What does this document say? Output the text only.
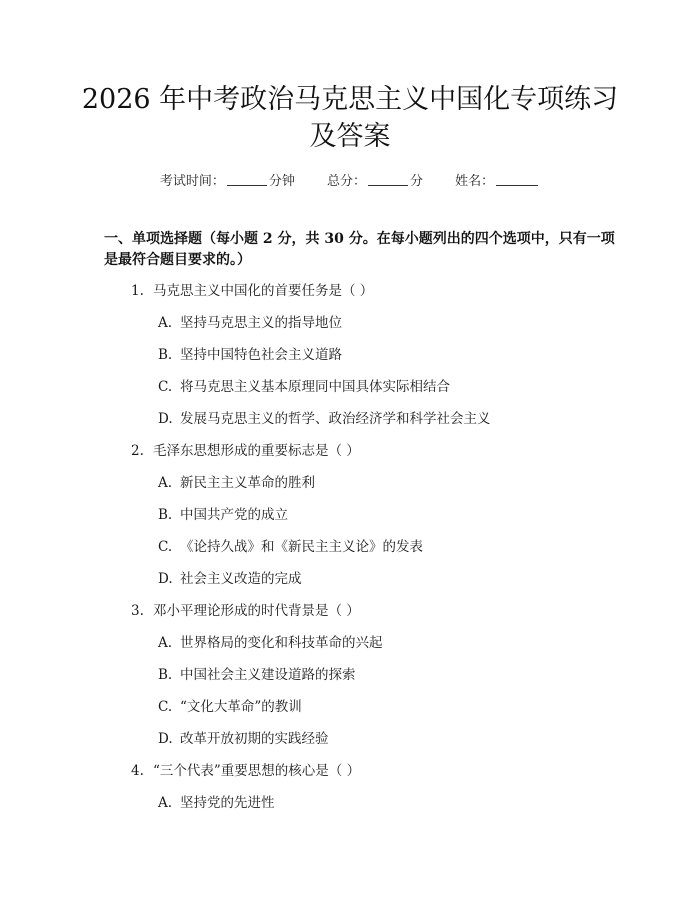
2026 年中考政治马克思主义中国化专项练习
及答案
考试时间：	分钟 总分：	分 姓名：
一、单项选择题（每小题 2 分，共 30 分。在每小题列出的四个选项中，只有一项
是最符合题目要求的。）
1. 马克思主义中国化的首要任务是（ ）
A. 坚持马克思主义的指导地位
B. 坚持中国特色社会主义道路
C. 将马克思主义基本原理同中国具体实际相结合
D. 发展马克思主义的哲学、政治经济学和科学社会主义
2. 毛泽东思想形成的重要标志是（ ）
A. 新民主主义革命的胜利
B. 中国共产党的成立
C. 《论持久战》和《新民主主义论》的发表
D. 社会主义改造的完成
3. 邓小平理论形成的时代背景是（ ）
A. 世界格局的变化和科技革命的兴起
B. 中国社会主义建设道路的探索
C. “文化大革命”的教训
D. 改革开放初期的实践经验
4. “三个代表”重要思想的核心是（ ）
A. 坚持党的先进性
